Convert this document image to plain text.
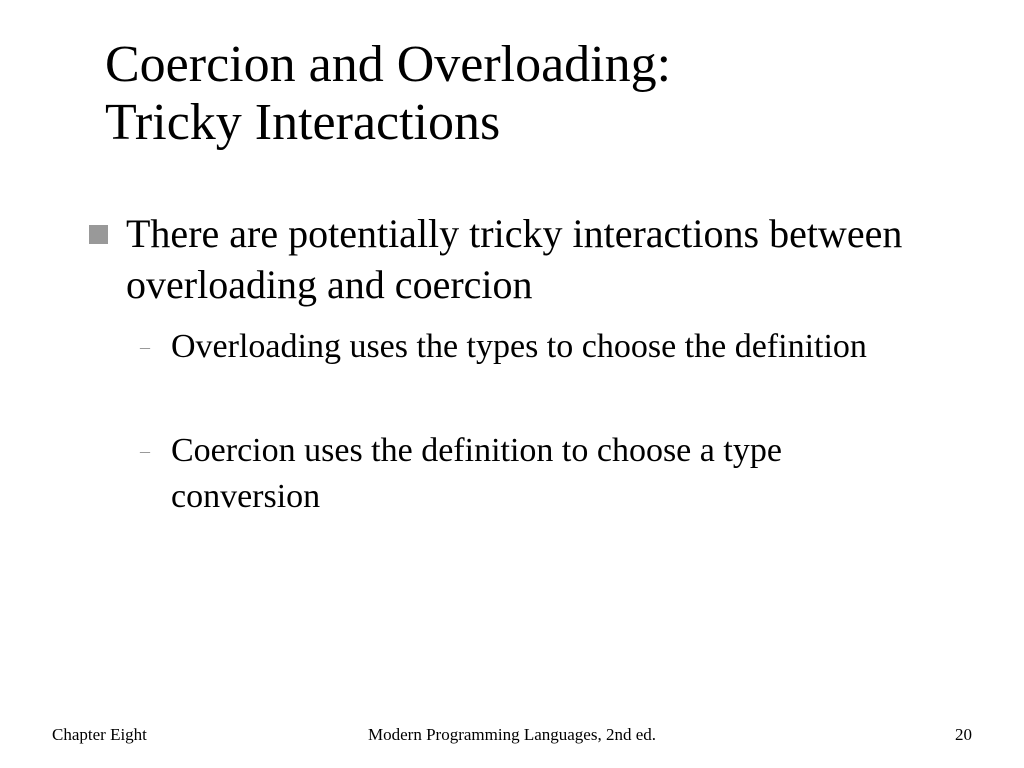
Coercion and Overloading:
Tricky Interactions
There are potentially tricky interactions between overloading and coercion
– Overloading uses the types to choose the definition
– Coercion uses the definition to choose a type conversion
Chapter Eight	Modern Programming Languages, 2nd ed.	20
